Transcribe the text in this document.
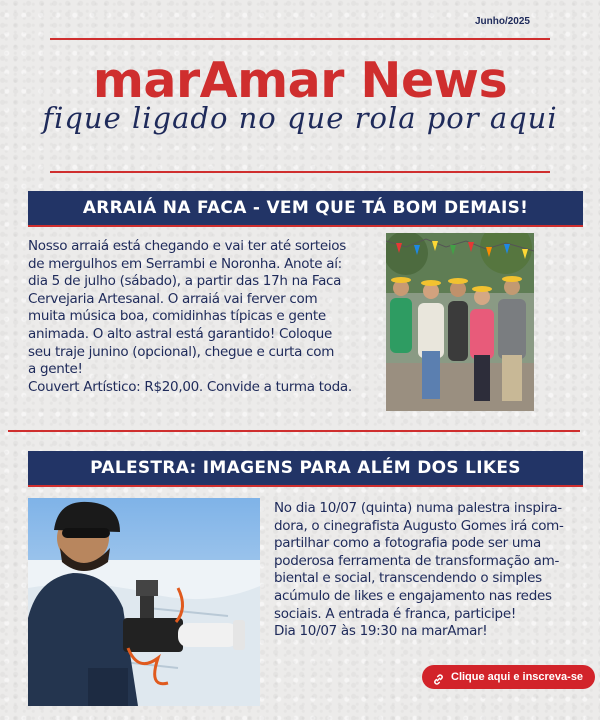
Junho/2025
marAmar News
fique ligado no que rola por aqui
ARRAIÁ NA FACA - VEM QUE TÁ BOM DEMAIS!
Nosso arraiá está chegando e vai ter até sorteios
de mergulhos em Serrambi e Noronha. Anote aí:
dia 5 de julho (sábado), a partir das 17h na Faca
Cervejaria Artesanal. O arraiá vai ferver com
muita música boa, comidinhas típicas e gente
animada. O alto astral está garantido! Coloque
seu traje junino (opcional), chegue e curta com
a gente!
Couvert Artístico: R$20,00. Convide a turma toda.
PALESTRA: IMAGENS PARA ALÉM DOS LIKES
No dia 10/07 (quinta) numa palestra inspira-
dora, o cinegrafista Augusto Gomes irá com-
partilhar como a fotografia pode ser uma
poderosa ferramenta de transformação am-
biental e social, transcendendo o simples
acúmulo de likes e engajamento nas redes
sociais. A entrada é franca, participe!
Dia 10/07 às 19:30 na marAmar!
Clique aqui e inscreva-se
